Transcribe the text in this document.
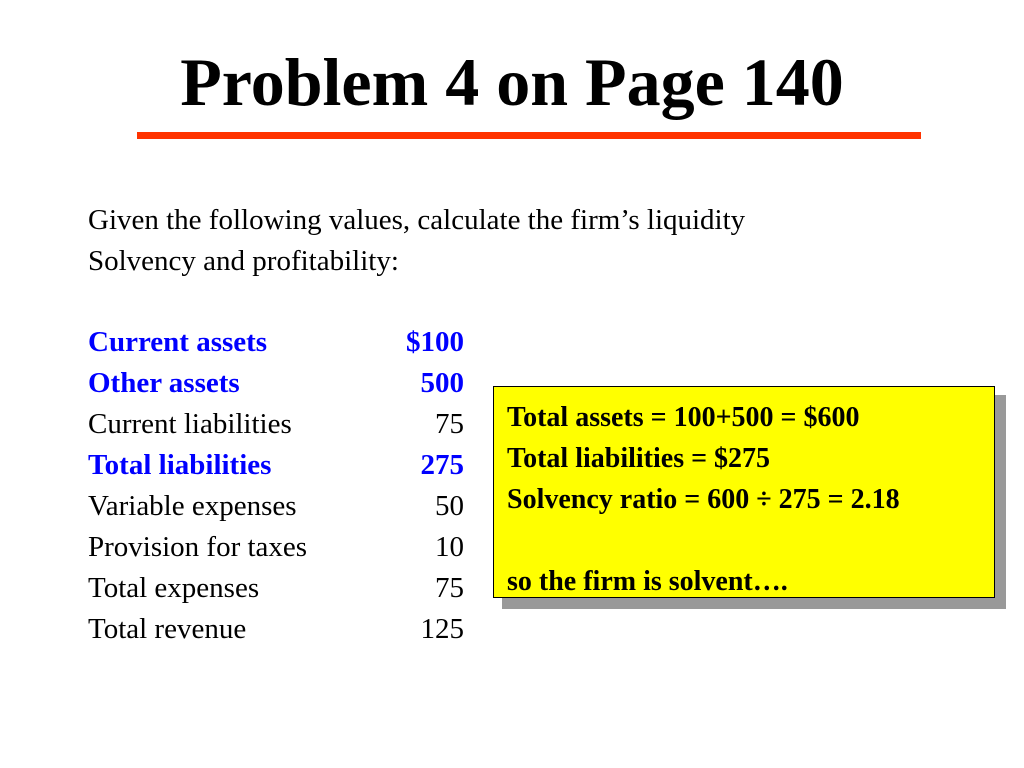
Problem 4 on Page 140
Given the following values, calculate the firm’s liquidity
Solvency and profitability:
Current assets	$100
Other assets	500
Current liabilities	75
Total liabilities	275
Variable expenses	50
Provision for taxes	10
Total expenses	75
Total revenue	125
Total assets = 100+500 = $600
Total liabilities = $275
Solvency ratio = 600 ÷ 275 = 2.18

so the firm is solvent….
